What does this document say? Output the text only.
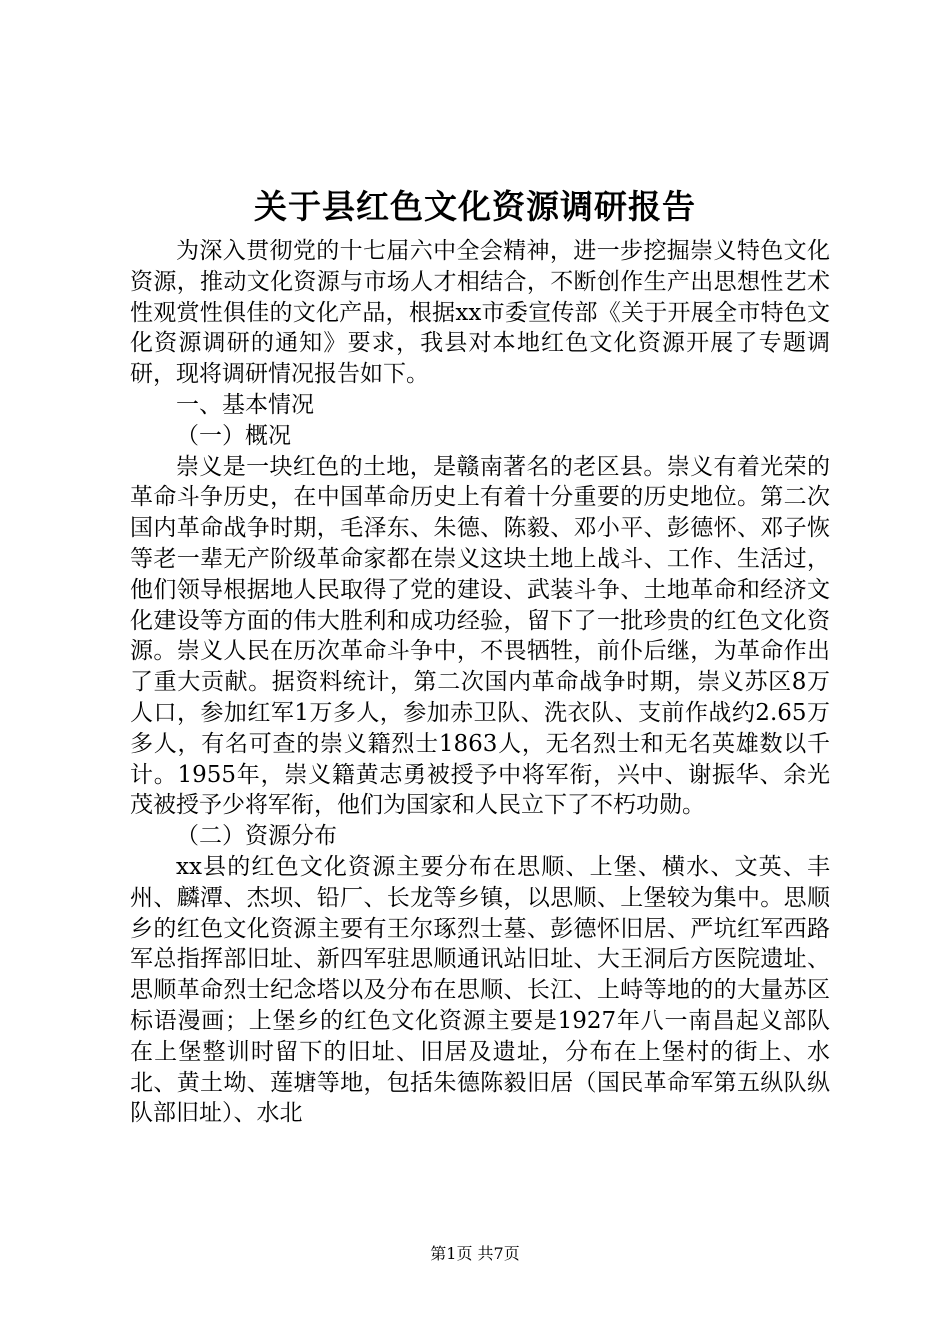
关于县红色文化资源调研报告

为深入贯彻党的十七届六中全会精神，进一步挖掘崇义特色文化资源，推动文化资源与市场人才相结合，不断创作生产出思想性艺术性观赏性俱佳的文化产品，根据xx市委宣传部《关于开展全市特色文化资源调研的通知》要求，我县对本地红色文化资源开展了专题调研，现将调研情况报告如下。

一、基本情况

（一）概况

崇义是一块红色的土地，是赣南著名的老区县。崇义有着光荣的革命斗争历史，在中国革命历史上有着十分重要的历史地位。第二次国内革命战争时期，毛泽东、朱德、陈毅、邓小平、彭德怀、邓子恢等老一辈无产阶级革命家都在崇义这块土地上战斗、工作、生活过，他们领导根据地人民取得了党的建设、武装斗争、土地革命和经济文化建设等方面的伟大胜利和成功经验，留下了一批珍贵的红色文化资源。崇义人民在历次革命斗争中，不畏牺牲，前仆后继，为革命作出了重大贡献。据资料统计，第二次国内革命战争时期，崇义苏区8万人口，参加红军1万多人，参加赤卫队、洗衣队、支前作战约2.65万多人，有名可查的崇义籍烈士1863人，无名烈士和无名英雄数以千计。1955年，崇义籍黄志勇被授予中将军衔，兴中、谢振华、余光茂被授予少将军衔，他们为国家和人民立下了不朽功勋。

（二）资源分布

xx县的红色文化资源主要分布在思顺、上堡、横水、文英、丰州、麟潭、杰坝、铅厂、长龙等乡镇，以思顺、上堡较为集中。思顺乡的红色文化资源主要有王尔琢烈士墓、彭德怀旧居、严坑红军西路军总指挥部旧址、新四军驻思顺通讯站旧址、大王洞后方医院遗址、思顺革命烈士纪念塔以及分布在思顺、长江、上峙等地的的大量苏区标语漫画；上堡乡的红色文化资源主要是1927年八一南昌起义部队在上堡整训时留下的旧址、旧居及遗址，分布在上堡村的街上、水北、黄土坳、莲塘等地，包括朱德陈毅旧居（国民革命军第五纵队纵队部旧址）、水北

第1页 共7页
